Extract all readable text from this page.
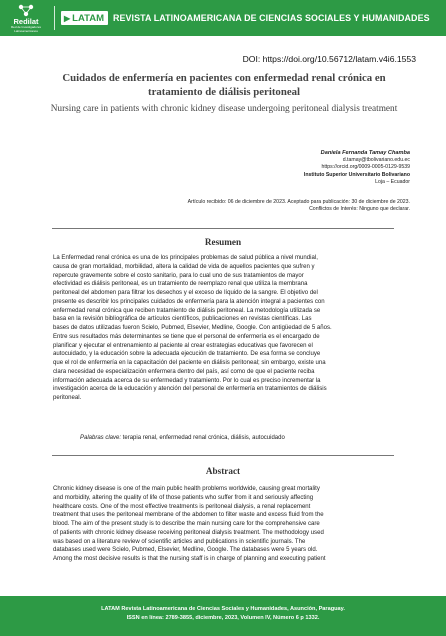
Redilat
Red de Investigadores Latinoamericanos
▶ LATAM REVISTA LATINOAMERICANA DE CIENCIAS SOCIALES Y HUMANIDADES
DOI: https://doi.org/10.56712/latam.v4i6.1553
Cuidados de enfermería en pacientes con enfermedad renal crónica en tratamiento de diálisis peritoneal
Nursing care in patients with chronic kidney disease undergoing peritoneal dialysis treatment
Daniela Fernanda Tamay Chamba
d.tamay@tbolivariano.edu.ec
https://orcid.org/0009-0005-0129-9539
Instituto Superior Universitario Bolivariano
Loja – Ecuador
Artículo recibido: 06 de diciembre de 2023. Aceptado para publicación: 30 de diciembre de 2023.
Conflictos de Interés: Ninguno que declarar.
Resumen
La Enfermedad renal crónica es una de los principales problemas de salud pública a nivel mundial,
causa de gran mortalidad, morbilidad, altera la calidad de vida de aquellos pacientes que sufren y
repercute gravemente sobre el costo sanitario, para lo cual uno de sus tratamientos de mayor
efectividad es diálisis peritoneal, es un tratamiento de reemplazo renal que utiliza la membrana
peritoneal del abdomen para filtrar los desechos y el exceso de líquido de la sangre. El objetivo del
presente es describir los principales cuidados de enfermería para la atención integral a pacientes con
enfermedad renal crónica que reciben tratamiento de diálisis peritoneal. La metodología utilizada se
basa en la revisión bibliográfica de artículos científicos, publicaciones en revistas científicas. Las
bases de datos utilizadas fueron Scielo, Pubmed, Elsevier, Medline, Google. Con antigüedad de 5 años.
Entre sus resultados más determinantes se tiene que el personal de enfermería es el encargado de
planificar y ejecutar el entrenamiento al paciente al crear estrategias educativas que favorecen el
autocuidado, y la educación sobre la adecuada ejecución de tratamiento. De esa forma se concluye
que el rol de enfermería en la capacitación del paciente en diálisis peritoneal; sin embargo, existe una
clara necesidad de especialización enfermera dentro del país, así como de que el paciente reciba
información adecuada acerca de su enfermedad y tratamiento. Por lo cual es preciso incrementar la
investigación acerca de la educación y atención del personal de enfermería en tratamientos de diálisis
peritoneal.
Palabras clave: terapia renal, enfermedad renal crónica, diálisis, autocuidado
Abstract
Chronic kidney disease is one of the main public health problems worldwide, causing great mortality
and morbidity, altering the quality of life of those patients who suffer from it and seriously affecting
healthcare costs. One of the most effective treatments is peritoneal dialysis, a renal replacement
treatment that uses the peritoneal membrane of the abdomen to filter waste and excess fluid from the
blood. The aim of the present study is to describe the main nursing care for the comprehensive care
of patients with chronic kidney disease receiving peritoneal dialysis treatment. The methodology used
was based on a literature review of scientific articles and publications in scientific journals. The
databases used were Scielo, Pubmed, Elsevier, Medline, Google. The databases were 5 years old.
Among the most decisive results is that the nursing staff is in charge of planning and executing patient
LATAM Revista Latinoamericana de Ciencias Sociales y Humanidades, Asunción, Paraguay.
ISSN en línea: 2789-3855, diciembre, 2023, Volumen IV, Número 6 p 1332.
